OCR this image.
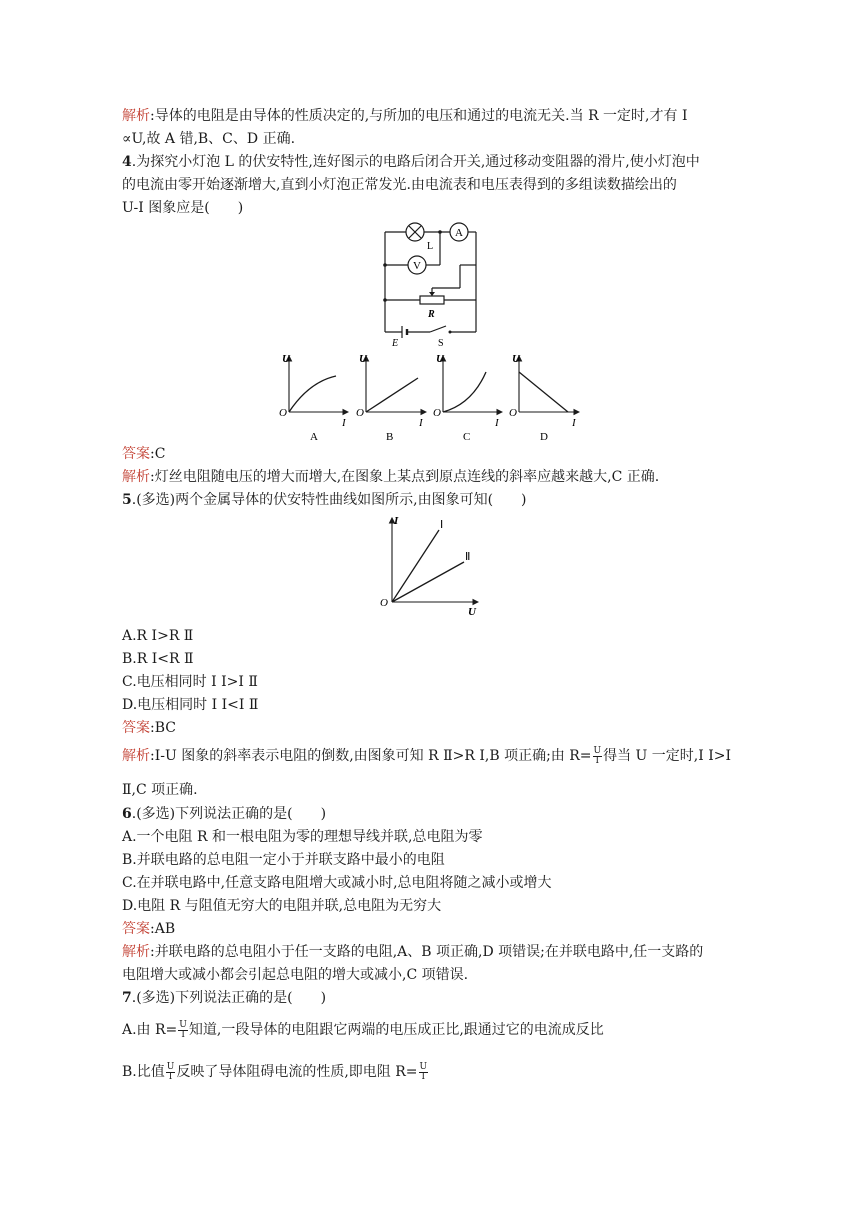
解析:导体的电阻是由导体的性质决定的,与所加的电压和通过的电流无关.当 R 一定时,才有 I
∝U,故 A 错,B、C、D 正确.
4.为探究小灯泡 L 的伏安特性,连好图示的电路后闭合开关,通过移动变阻器的滑片,使小灯泡中
的电流由零开始逐渐增大,直到小灯泡正常发光.由电流表和电压表得到的多组读数描绘出的
U-I 图象应是(　　)
A
V
L
R
E	S
U
I
O
A
U
I
O
B
U
I
O
C
U
I
O
D
答案:C
解析:灯丝电阻随电压的增大而增大,在图象上某点到原点连线的斜率应越来越大,C 正确.
5.(多选)两个金属导体的伏安特性曲线如图所示,由图象可知(　　)
I
U
O
Ⅰ
Ⅱ
A.R Ⅰ>R Ⅱ
B.R Ⅰ<R Ⅱ
C.电压相同时 I Ⅰ>I Ⅱ
D.电压相同时 I Ⅰ<I Ⅱ
答案:BC
解析:I-U 图象的斜率表示电阻的倒数,由图象可知 R Ⅱ>R Ⅰ,B 项正确;由 $R= \frac{U}{I}$ 得当 U 一定时,I Ⅰ>I
Ⅱ,C 项正确.
6.(多选)下列说法正确的是(　　)
A.一个电阻 R 和一根电阻为零的理想导线并联,总电阻为零
B.并联电路的总电阻一定小于并联支路中最小的电阻
C.在并联电路中,任意支路电阻增大或减小时,总电阻将随之减小或增大
D.电阻 R 与阻值无穷大的电阻并联,总电阻为无穷大
答案:AB
解析:并联电路的总电阻小于任一支路的电阻,A、B 项正确,D 项错误;在并联电路中,任一支路的
电阻增大或减小都会引起总电阻的增大或减小,C 项错误.
7.(多选)下列说法正确的是(　　)
A.由 $R= \frac{U}{I}$ 知道,一段导体的电阻跟它两端的电压成正比,跟通过它的电流成反比
B.比值 $\frac{U}{I}$ 反映了导体阻碍电流的性质,即电阻 $R= \frac{U}{I}$
